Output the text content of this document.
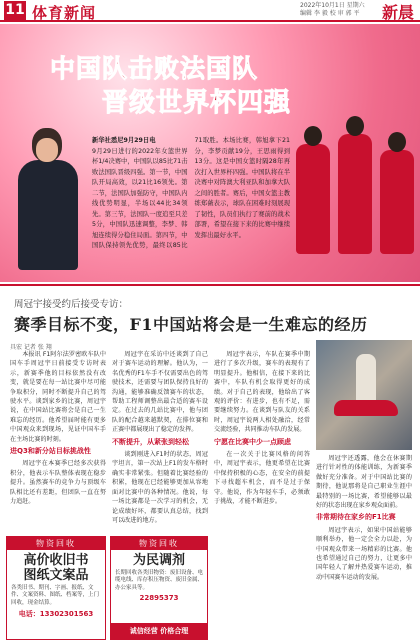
11 体育新闻	2022年10月1日 星期六
编辑 李 毅 校 审 郭 平	新晨
中国队击败法国队
晋级世界杯四强
新华社悉尼9月29日电
9月29日进行的2022年女篮世界杯1/4决赛中，中国队以85比71击败法国队晋级四强。第一节，中国队开局高效，以21比16领先。第二节，法国队加强防守，中国队内线优势明显，半场以44比34领先。第三节，法国队一度追至只差5分，中国队迅速调整，李梦、韩旭连续得分稳住局面。第四节，中国队保持领先优势，最终以85比71取胜。本场比赛，韩旭拿下21分，李梦贡献19分，王思雨得到13分。这是中国女篮时隔28年再次打入世界杯四强。中国队将在半决赛中对阵澳大利亚队和加拿大队之间的胜者。赛后，中国女篮主教练郑薇表示，球队在困难时刻展现了韧性，队员们执行了赛前的战术部署，希望在接下来的比赛中继续发挥出最好水平。
周冠宇接受约后接受专访：
赛季目标不变，F1中国站将会是一生难忘的经历
具宏 记者 张 翔

本报讯 F1阿尔法罗密欧车队中国车手周冠宇日前接受专访时表示，新赛季他的目标依然没有改变，就是要在每一站比赛中尽可能争取积分，同时不断提升自己的驾驶水平。谈到家乡的比赛，周冠宇说，在中国站比赛将会是自己一生难忘的经历。他希望届时能有更多中国观众来到现场，见证中国车手在主场比赛的时刻。

进Q3和新分站目标挑战性

周冠宇在本赛季已经多次获得积分，他表示车队整体表现在稳步提升。虽然赛车的竞争力与顶级车队相比还有差距，但团队一直在努力追赶。

周冠宇在采访中还谈到了自己对于赛车运动的理解。他认为，一名优秀的F1车手不仅需要出色的驾驶技术，还需要与团队保持良好的沟通，能够准确反馈赛车的状态，帮助工程师调整出最合适的赛车设定。在过去的几站比赛中，他与团队的配合越来越默契，在排位赛和正赛中都展现出了稳定的发挥。

不断提升，从紧张到轻松

谈到刚进入F1时的状态，周冠宇坦言，第一次站上F1的发车格时确实非常紧张。但随着比赛经验的积累，他现在已经能够更加从容地面对比赛中的各种情况。他说，每一场比赛都是一次学习的机会，无论成绩好坏，都要认真总结，找到可以改进的地方。

周冠宇表示，车队在赛季中期进行了多次升级，赛车的表现有了明显提升。他相信，在接下来的比赛中，车队有机会取得更好的成绩。对于自己的表现，他给出了客观的评价：有进步，也有不足，需要继续努力。在谈到与队友的关系时，周冠宇说两人相处融洽，经常交流经验，共同推动车队的发展。

宁愿在比赛中少一点顾虑

在一次关于比赛风格的问答中，周冠宇表示，他更希望在比赛中保持积极的心态，在安全的前提下寻找超车机会，而不是过于保守。他说，作为年轻车手，必须敢于挑战，才能不断进步。

周冠宇还透露，他会在休赛期进行针对性的体能训练，为新赛季做好充分准备。对于中国站比赛的期待，他说那将是自己职业生涯中最特别的一场比赛，希望能够以最好的状态出现在家乡观众面前。

非常期待在家乡的F1比赛

周冠宇表示，如果中国站能够顺利举办，他一定会全力以赴，为中国观众带来一场精彩的比赛。他也希望通过自己的努力，让更多中国年轻人了解并热爱赛车运动，推动中国赛车运动的发展。

物资回收
高价收旧书
图纸文案品
各类旧书、期刊、字画、报纸、文件、文案资料、图纸、档案等，上门回收，现金结算。
电话：13302301563
物资回收
为民调剂
长期回收各类旧物资：废旧设备、电缆电线、库存积压物资、废旧金属、办公家具等。
22895373
诚信经营 价格合理
